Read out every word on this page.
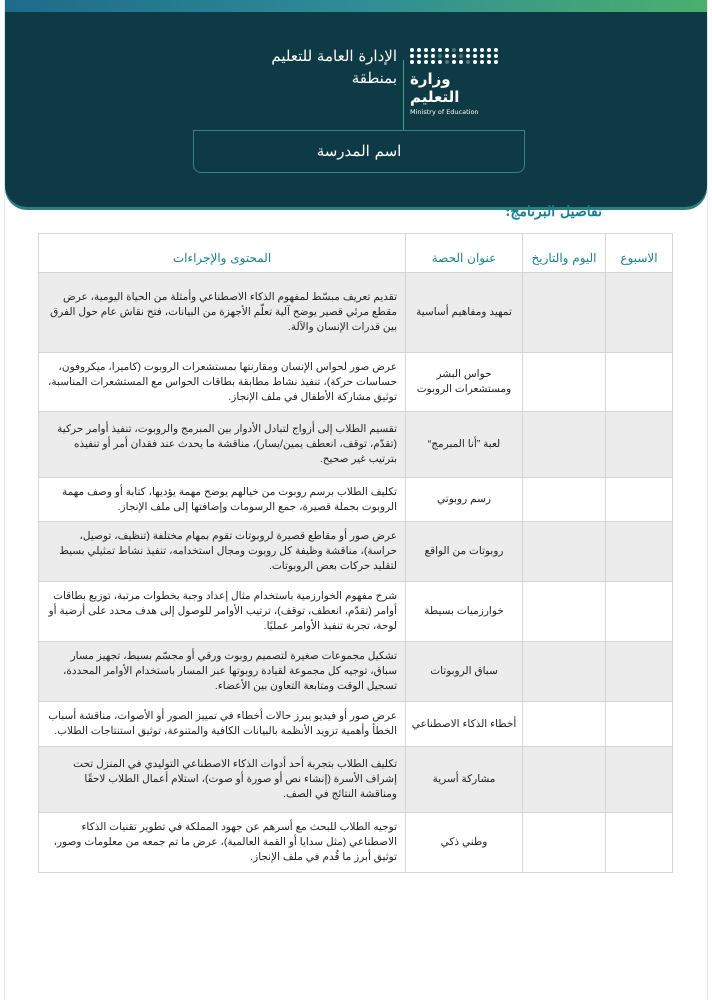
وزارة التعليم
Ministry of Education
الإدارة العامة للتعليم
بمنطقة
اسم المدرسة
تفاصيل البرنامج:
الاسبوع	اليوم والتاريخ	عنوان الحصة	المحتوى والإجراءات
		تمهيد ومفاهيم أساسية	تقديم تعريف مبسّط لمفهوم الذكاء الاصطناعي وأمثلة من الحياة اليومية، عرض مقطع مرئي قصير يوضح آلية تعلّم الأجهزة من البيانات، فتح نقاش عام حول الفرق بين قدرات الإنسان والآلة.
		حواس البشر ومستشعرات الروبوت	عرض صور لحواس الإنسان ومقارنتها بمستشعرات الروبوت (كاميرا، ميكروفون، حساسات حركة)، تنفيذ نشاط مطابقة بطاقات الحواس مع المستشعرات المناسبة، توثيق مشاركة الأطفال في ملف الإنجاز.
		لعبة ”أنا المبرمج“	تقسيم الطلاب إلى أزواج لتبادل الأدوار بين المبرمج والروبوت، تنفيذ أوامر حركية (تقدّم، توقف، انعطف يمين/يسار)، مناقشة ما يحدث عند فقدان أمر أو تنفيذه بترتيب غير صحيح.
		رسم روبوتي	تكليف الطلاب برسم روبوت من خيالهم يوضح مهمة يؤديها، كتابة أو وصف مهمة الروبوت بجملة قصيرة، جمع الرسومات وإضافتها إلى ملف الإنجاز.
		روبوتات من الواقع	عرض صور أو مقاطع قصيرة لروبوتات تقوم بمهام مختلفة (تنظيف، توصيل، حراسة)، مناقشة وظيفة كل روبوت ومجال استخدامه، تنفيذ نشاط تمثيلي بسيط لتقليد حركات بعض الروبوتات.
		خوارزميات بسيطة	شرح مفهوم الخوارزمية باستخدام مثال إعداد وجبة بخطوات مرتبة، توزيع بطاقات أوامر (تقدّم، انعطف، توقف)، ترتيب الأوامر للوصول إلى هدف محدد على أرضية أو لوحة، تجربة تنفيذ الأوامر عمليًا.
		سباق الروبوتات	تشكيل مجموعات صغيرة لتصميم روبوت ورقي أو مجسّم بسيط، تجهيز مسار سباق، توجيه كل مجموعة لقيادة روبوتها عبر المسار باستخدام الأوامر المحددة، تسجيل الوقت ومتابعة التعاون بين الأعضاء.
		أخطاء الذكاء الاصطناعي	عرض صور أو فيديو يبرز حالات أخطاء في تمييز الصور أو الأصوات، مناقشة أسباب الخطأ وأهمية تزويد الأنظمة بالبيانات الكافية والمتنوعة، توثيق استنتاجات الطلاب.
		مشاركة أسرية	تكليف الطلاب بتجربة أحد أدوات الذكاء الاصطناعي التوليدي في المنزل تحت إشراف الأسرة (إنشاء نص أو صورة أو صوت)، استلام أعمال الطلاب لاحقًا ومناقشة النتائج في الصف.
		وطني ذكي	توجيه الطلاب للبحث مع أسرهم عن جهود المملكة في تطوير تقنيات الذكاء الاصطناعي (مثل سدايا أو القمة العالمية)، عرض ما تم جمعه من معلومات وصور، توثيق أبرز ما قُدم في ملف الإنجاز.
